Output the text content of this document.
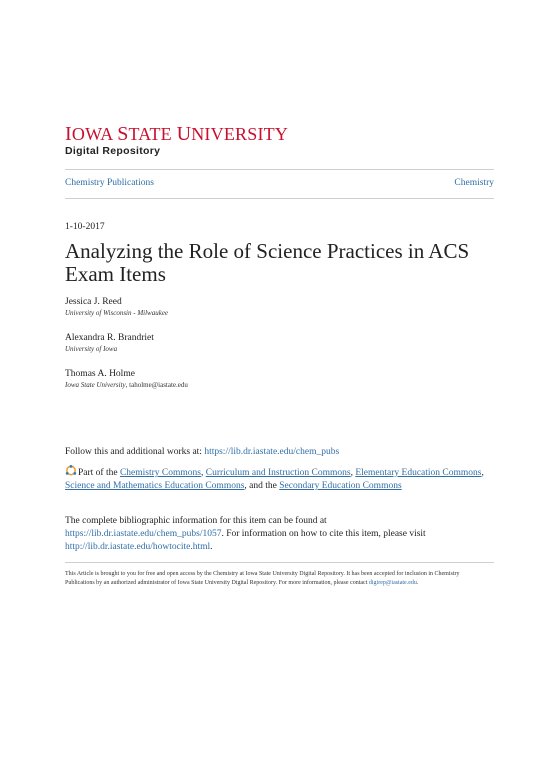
IOWA STATE UNIVERSITY
Digital Repository
Chemistry Publications	Chemistry
1-10-2017
Analyzing the Role of Science Practices in ACS Exam Items
Jessica J. Reed
University of Wisconsin - Milwaukee
Alexandra R. Brandriet
University of Iowa
Thomas A. Holme
Iowa State University, taholme@iastate.edu
Follow this and additional works at: https://lib.dr.iastate.edu/chem_pubs
Part of the Chemistry Commons, Curriculum and Instruction Commons, Elementary Education Commons, Science and Mathematics Education Commons, and the Secondary Education Commons
The complete bibliographic information for this item can be found at https://lib.dr.iastate.edu/chem_pubs/1057. For information on how to cite this item, please visit http://lib.dr.iastate.edu/howtocite.html.
This Article is brought to you for free and open access by the Chemistry at Iowa State University Digital Repository. It has been accepted for inclusion in Chemistry Publications by an authorized administrator of Iowa State University Digital Repository. For more information, please contact digirep@iastate.edu.
